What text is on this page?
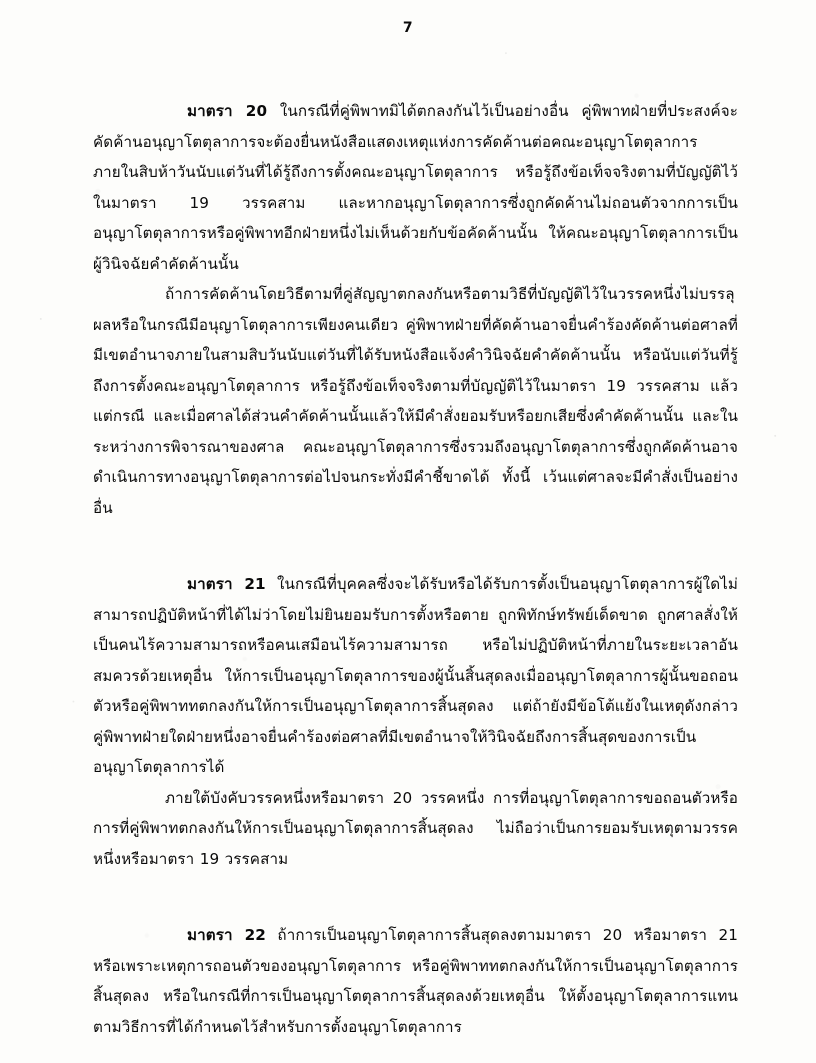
7

มาตรา 20 ในกรณีที่คู่พิพาทมิได้ตกลงกันไว้เป็นอย่างอื่น คู่พิพาทฝ่ายที่ประสงค์จะคัดค้านอนุญาโตตุลาการจะต้องยื่นหนังสือแสดงเหตุแห่งการคัดค้านต่อคณะอนุญาโตตุลาการภายในสิบห้าวันนับแต่วันที่ได้รู้ถึงการตั้งคณะอนุญาโตตุลาการ หรือรู้ถึงข้อเท็จจริงตามที่บัญญัติไว้ในมาตรา 19 วรรคสาม และหากอนุญาโตตุลาการซึ่งถูกคัดค้านไม่ถอนตัวจากการเป็นอนุญาโตตุลาการหรือคู่พิพาทอีกฝ่ายหนึ่งไม่เห็นด้วยกับข้อคัดค้านนั้น ให้คณะอนุญาโตตุลาการเป็นผู้วินิจฉัยคำคัดค้านนั้น

ถ้าการคัดค้านโดยวิธีตามที่คู่สัญญาตกลงกันหรือตามวิธีที่บัญญัติไว้ในวรรคหนึ่งไม่บรรลุผลหรือในกรณีมีอนุญาโตตุลาการเพียงคนเดียว คู่พิพาทฝ่ายที่คัดค้านอาจยื่นคำร้องคัดค้านต่อศาลที่มีเขตอำนาจภายในสามสิบวันนับแต่วันที่ได้รับหนังสือแจ้งคำวินิจฉัยคำคัดค้านนั้น หรือนับแต่วันที่รู้ถึงการตั้งคณะอนุญาโตตุลาการ หรือรู้ถึงข้อเท็จจริงตามที่บัญญัติไว้ในมาตรา 19 วรรคสาม แล้วแต่กรณี และเมื่อศาลได้ส่วนคำคัดค้านนั้นแล้วให้มีคำสั่งยอมรับหรือยกเสียซึ่งคำคัดค้านนั้น และในระหว่างการพิจารณาของศาล คณะอนุญาโตตุลาการซึ่งรวมถึงอนุญาโตตุลาการซึ่งถูกคัดค้านอาจดำเนินการทางอนุญาโตตุลาการต่อไปจนกระทั่งมีคำชี้ขาดได้ ทั้งนี้ เว้นแต่ศาลจะมีคำสั่งเป็นอย่างอื่น

มาตรา 21 ในกรณีที่บุคคลซึ่งจะได้รับหรือได้รับการตั้งเป็นอนุญาโตตุลาการผู้ใดไม่สามารถปฏิบัติหน้าที่ได้ไม่ว่าโดยไม่ยินยอมรับการตั้งหรือตาย ถูกพิทักษ์ทรัพย์เด็ดขาด ถูกศาลสั่งให้เป็นคนไร้ความสามารถหรือคนเสมือนไร้ความสามารถ หรือไม่ปฏิบัติหน้าที่ภายในระยะเวลาอันสมควรด้วยเหตุอื่น ให้การเป็นอนุญาโตตุลาการของผู้นั้นสิ้นสุดลงเมื่ออนุญาโตตุลาการผู้นั้นขอถอนตัวหรือคู่พิพาททตกลงกันให้การเป็นอนุญาโตตุลาการสิ้นสุดลง แต่ถ้ายังมีข้อโต้แย้งในเหตุดังกล่าว คู่พิพาทฝ่ายใดฝ่ายหนึ่งอาจยื่นคำร้องต่อศาลที่มีเขตอำนาจให้วินิจฉัยถึงการสิ้นสุดของการเป็นอนุญาโตตุลาการได้

ภายใต้บังคับวรรคหนึ่งหรือมาตรา 20 วรรคหนึ่ง การที่อนุญาโตตุลาการขอถอนตัวหรือการที่คู่พิพาทตกลงกันให้การเป็นอนุญาโตตุลาการสิ้นสุดลง ไม่ถือว่าเป็นการยอมรับเหตุตามวรรคหนึ่งหรือมาตรา 19 วรรคสาม

มาตรา 22 ถ้าการเป็นอนุญาโตตุลาการสิ้นสุดลงตามมาตรา 20 หรือมาตรา 21 หรือเพราะเหตุการถอนตัวของอนุญาโตตุลาการ หรือคู่พิพาททตกลงกันให้การเป็นอนุญาโตตุลาการสิ้นสุดลง หรือในกรณีที่การเป็นอนุญาโตตุลาการสิ้นสุดลงด้วยเหตุอื่น ให้ตั้งอนุญาโตตุลาการแทนตามวิธีการที่ได้กำหนดไว้สำหรับการตั้งอนุญาโตตุลาการ
